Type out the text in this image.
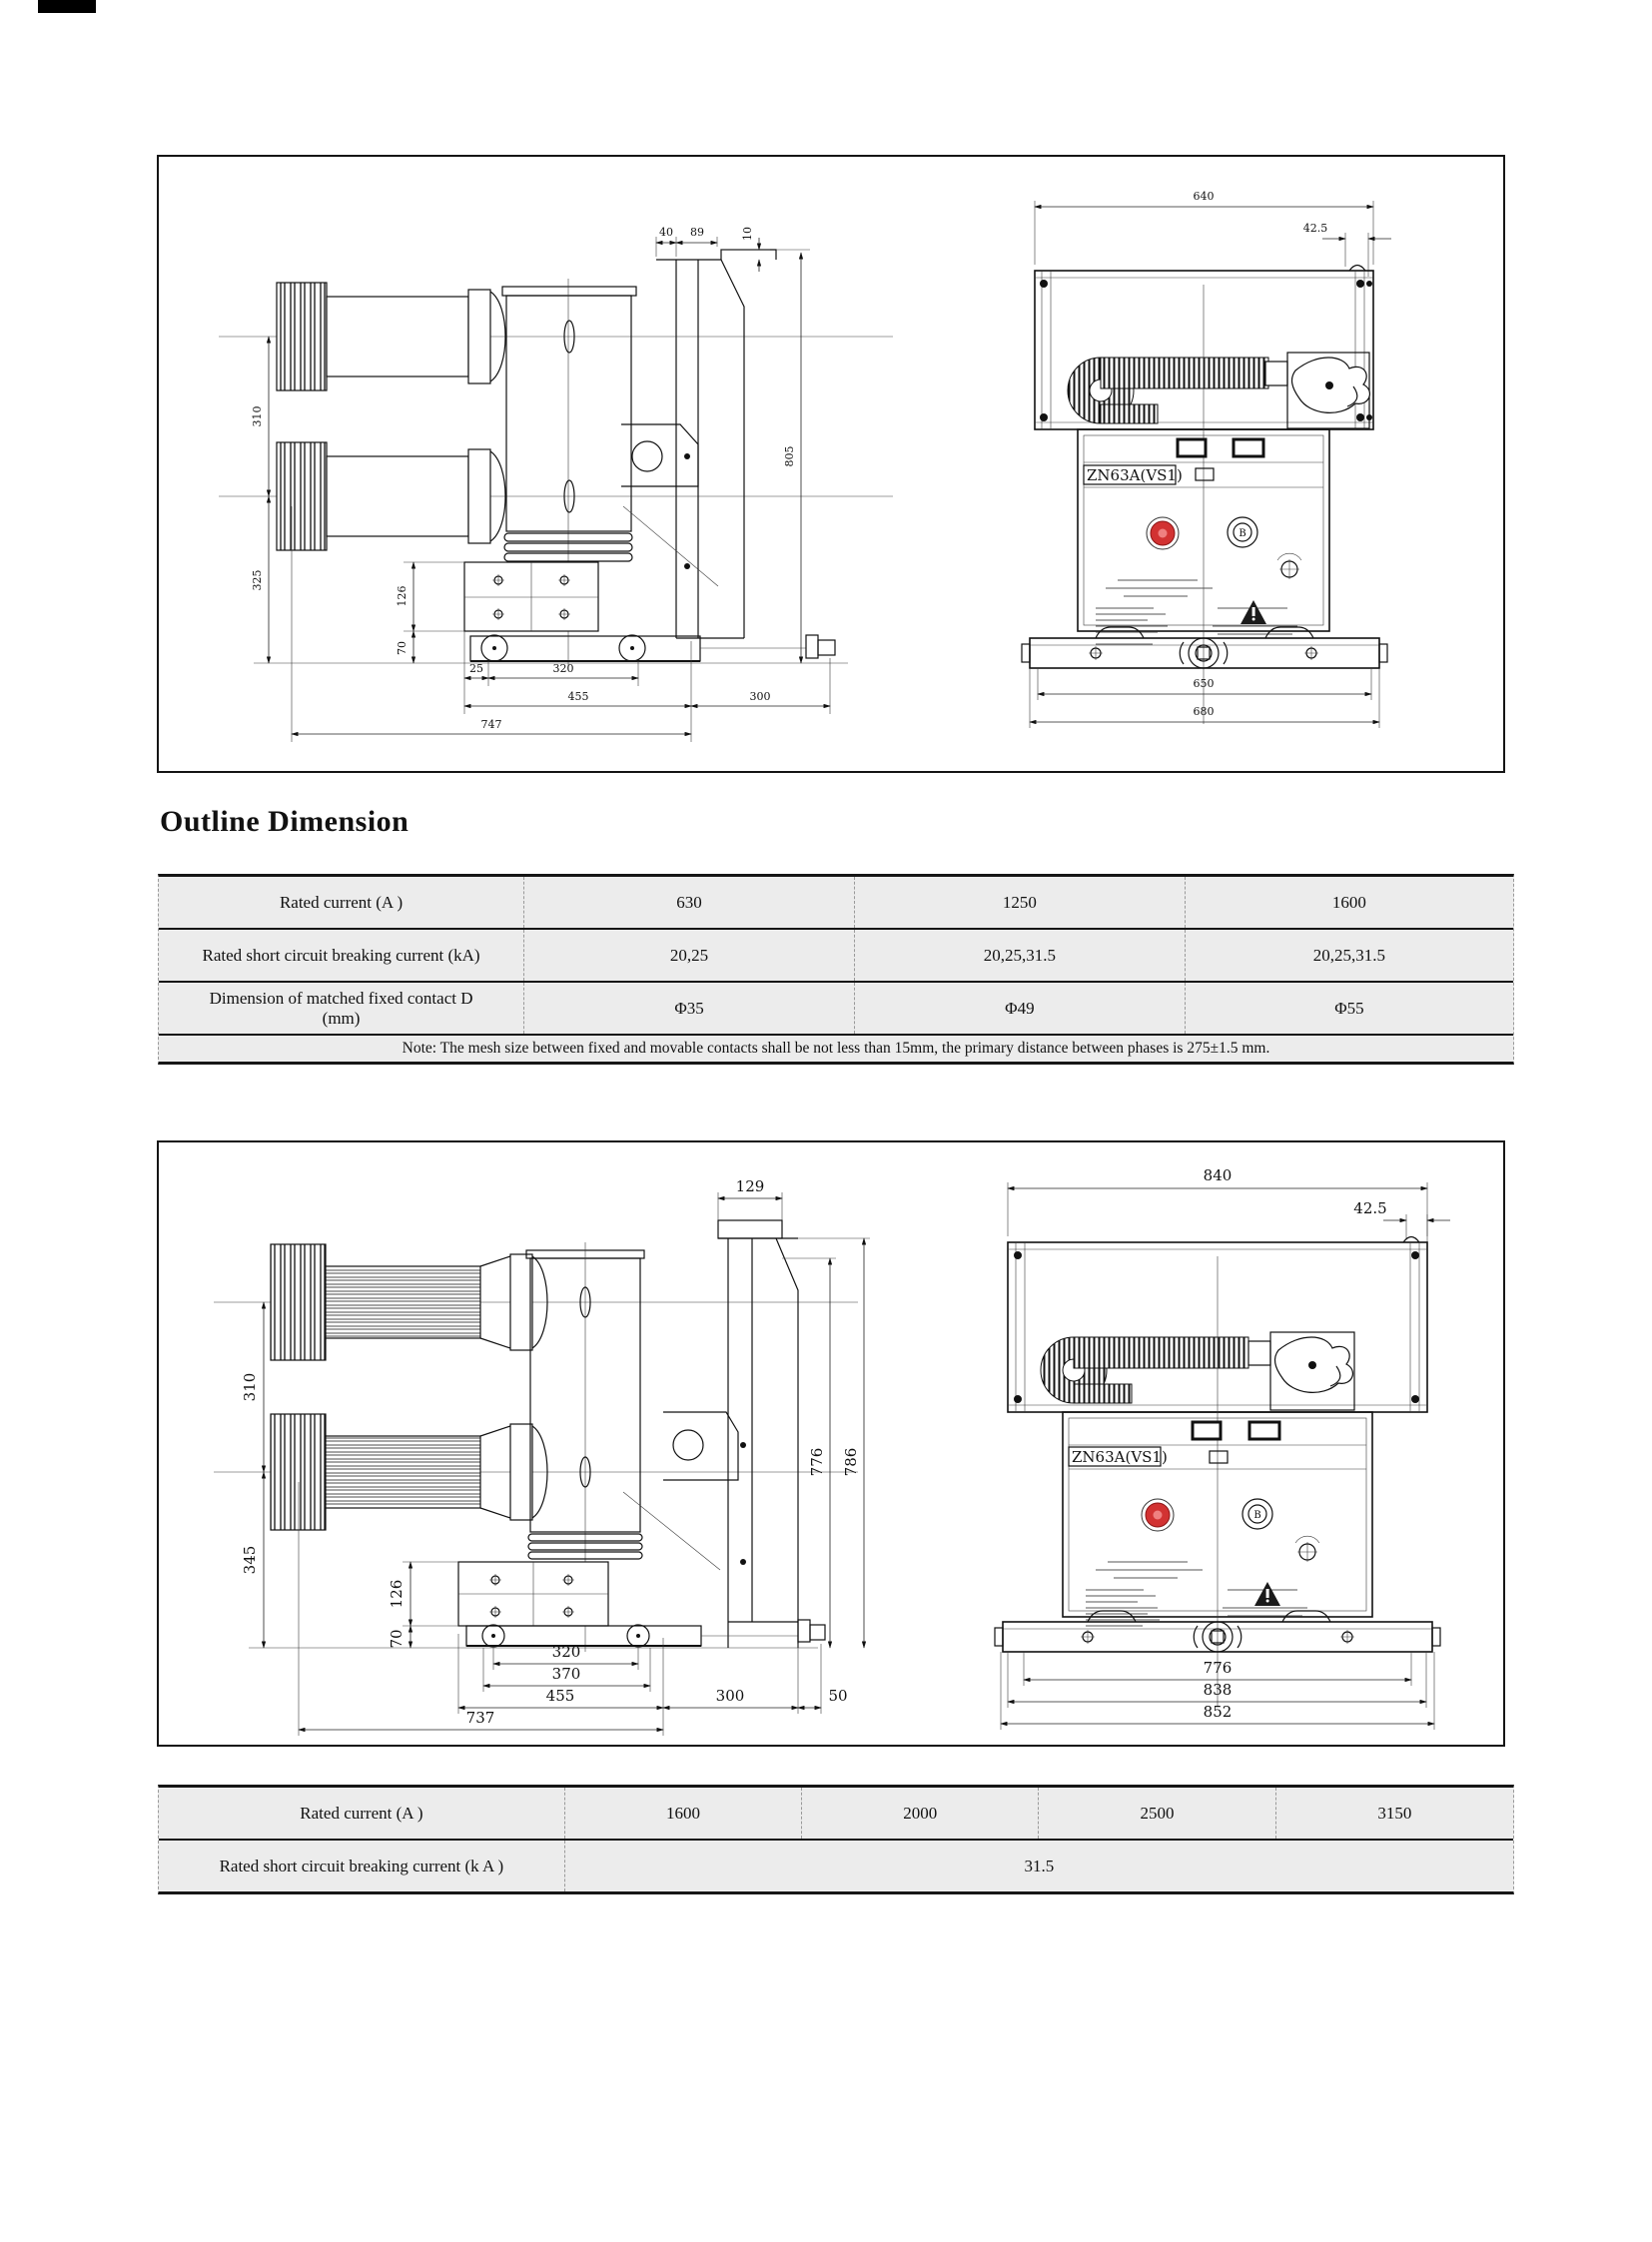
310
325
126
70
805
40 89	10
25	320
455	300
747
640
42.5
ZN63A(VS1)
B
650
680
Outline Dimension
Rated current (A )	630	1250	1600
Rated short circuit breaking current (kA)	20,25	20,25,31.5	20,25,31.5
Dimension of matched fixed contact D
(mm)
Φ35	Φ49	Φ55
Note: The mesh size between fixed and movable contacts shall be not less than 15mm, the primary distance between phases is 275±1.5 mm.
310
345
126
70
129
776 786
320
370
455	300	50
737
840
42.5
ZN63A(VS1)
B
776
838
852
Rated current (A )	1600	2000	2500	3150
Rated short circuit breaking current (k A )	31.5
